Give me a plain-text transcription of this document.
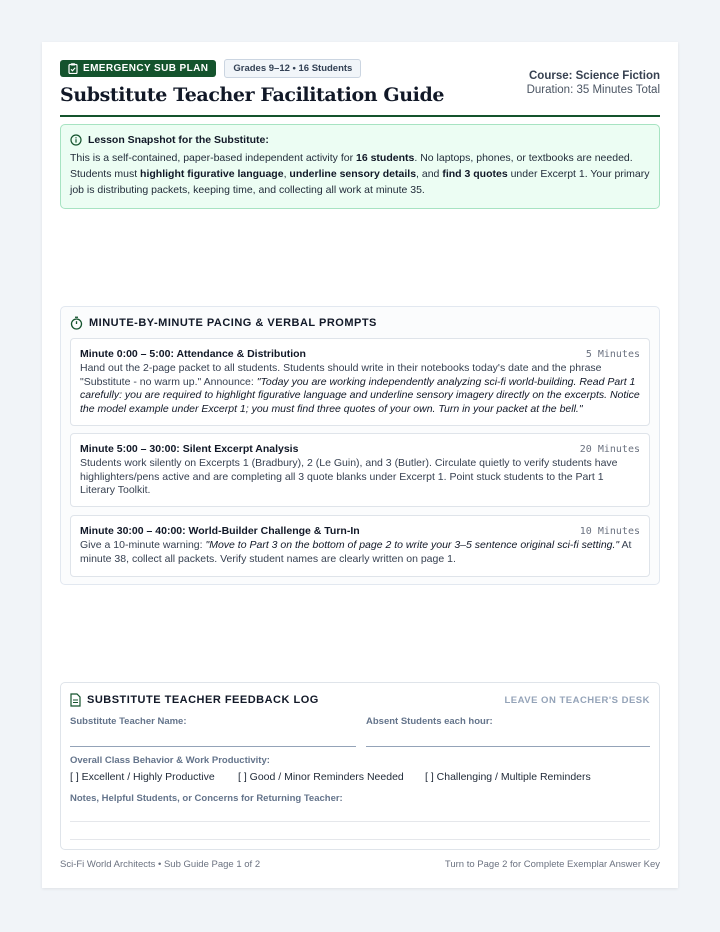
EMERGENCY SUB PLAN	Grades 9–12 • 16 Students
Substitute Teacher Facilitation Guide
Course: Science Fiction
Duration: 35 Minutes Total
Lesson Snapshot for the Substitute:
This is a self-contained, paper-based independent activity for 16 students. No laptops, phones, or textbooks are needed. Students must highlight figurative language, underline sensory details, and find 3 quotes under Excerpt 1. Your primary job is distributing packets, keeping time, and collecting all work at minute 35.
MINUTE-BY-MINUTE PACING & VERBAL PROMPTS
Minute 0:00 – 5:00: Attendance & Distribution	5 Minutes
Hand out the 2-page packet to all students. Students should write in their notebooks today's date and the phrase "Substitute - no warm up." Announce: "Today you are working independently analyzing sci-fi world-building. Read Part 1 carefully: you are required to highlight figurative language and underline sensory imagery directly on the excerpts. Notice the model example under Excerpt 1; you must find three quotes of your own. Turn in your packet at the bell."
Minute 5:00 – 30:00: Silent Excerpt Analysis	20 Minutes
Students work silently on Excerpts 1 (Bradbury), 2 (Le Guin), and 3 (Butler). Circulate quietly to verify students have highlighters/pens active and are completing all 3 quote blanks under Excerpt 1. Point stuck students to the Part 1 Literary Toolkit.
Minute 30:00 – 40:00: World-Builder Challenge & Turn-In	10 Minutes
Give a 10-minute warning: "Move to Part 3 on the bottom of page 2 to write your 3–5 sentence original sci-fi setting." At minute 38, collect all packets. Verify student names are clearly written on page 1.
SUBSTITUTE TEACHER FEEDBACK LOG	LEAVE ON TEACHER'S DESK
Substitute Teacher Name:	Absent Students each hour:
Overall Class Behavior & Work Productivity:
[ ] Excellent / Highly Productive [ ] Good / Minor Reminders Needed [ ] Challenging / Multiple Reminders
Notes, Helpful Students, or Concerns for Returning Teacher:
Sci-Fi World Architects • Sub Guide Page 1 of 2	Turn to Page 2 for Complete Exemplar Answer Key
